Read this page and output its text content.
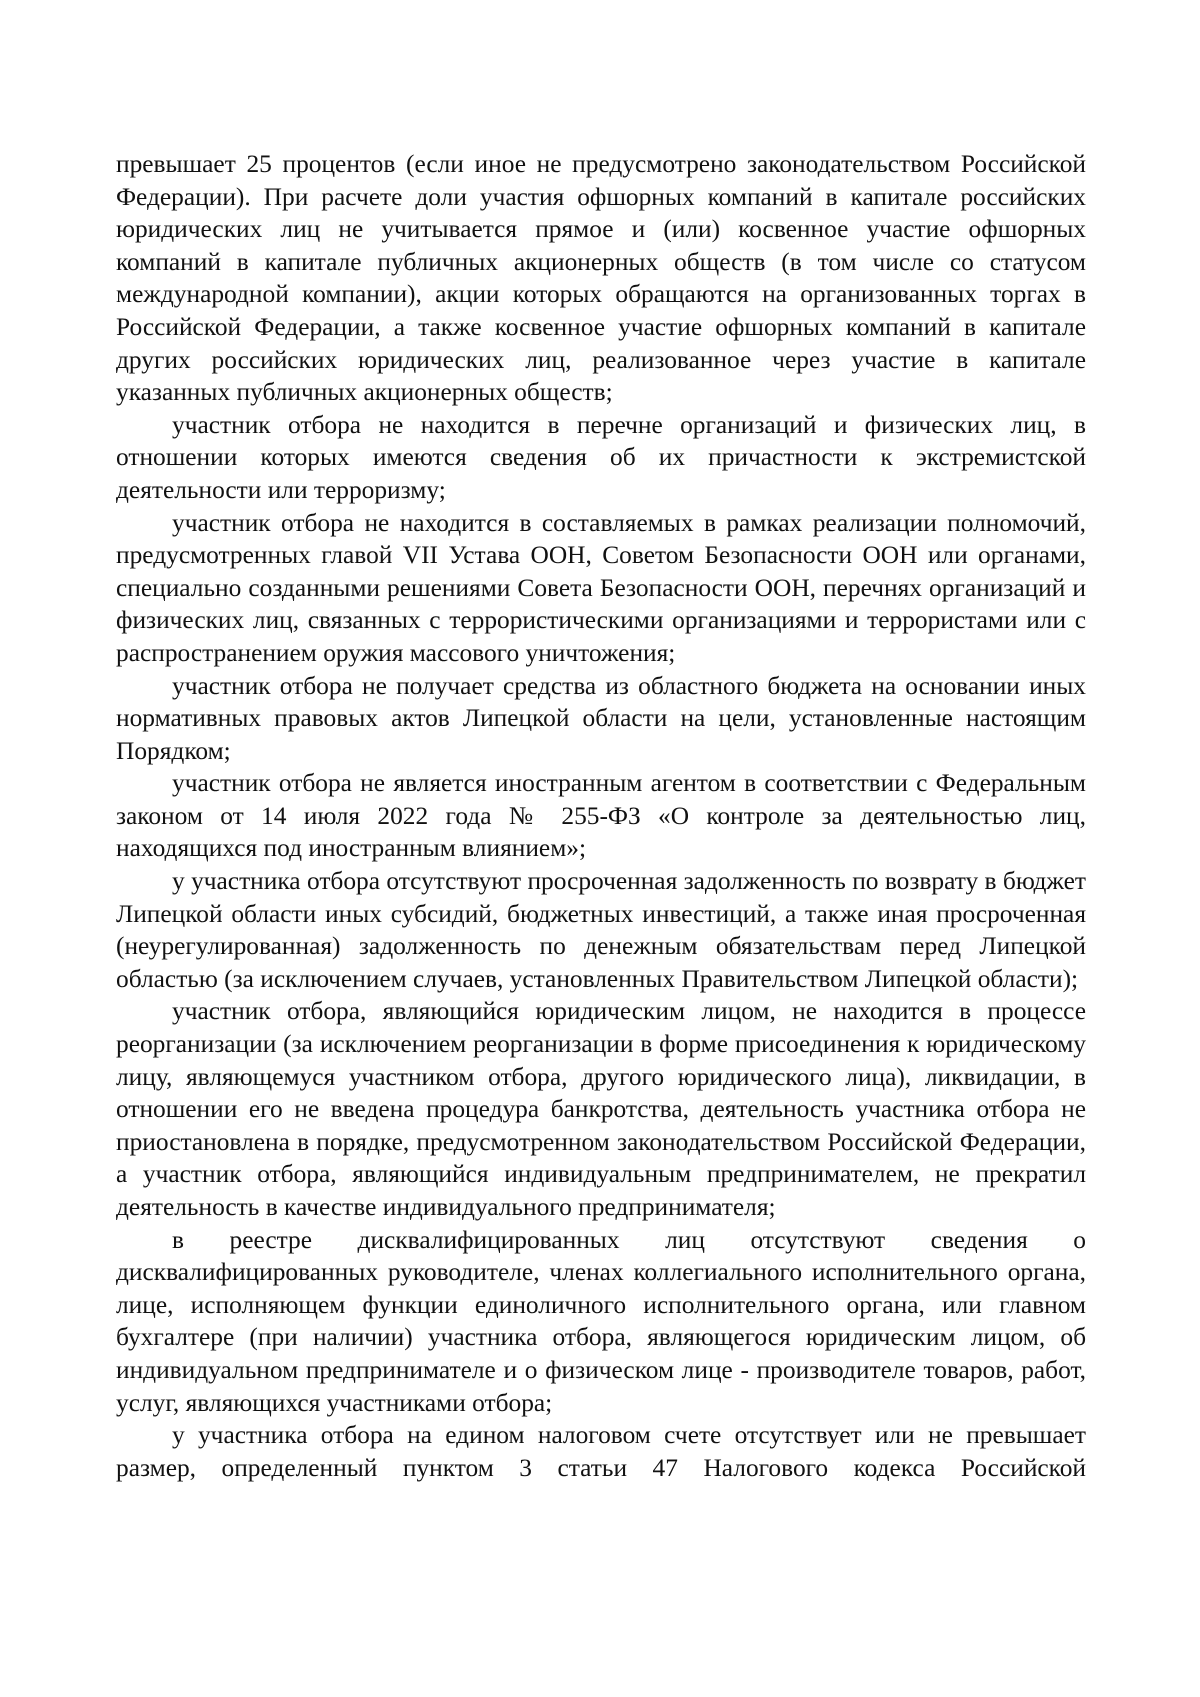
превышает 25 процентов (если иное не предусмотрено законодательством Российской Федерации). При расчете доли участия офшорных компаний в капитале российских юридических лиц не учитывается прямое и (или) косвенное участие офшорных компаний в капитале публичных акционерных обществ (в том числе со статусом международной компании), акции которых обращаются на организованных торгах в Российской Федерации, а также косвенное участие офшорных компаний в капитале других российских юридических лиц, реализованное через участие в капитале указанных публичных акционерных обществ;

участник отбора не находится в перечне организаций и физических лиц, в отношении которых имеются сведения об их причастности к экстремистской деятельности или терроризму;

участник отбора не находится в составляемых в рамках реализации полномочий, предусмотренных главой VII Устава ООН, Советом Безопасности ООН или органами, специально созданными решениями Совета Безопасности ООН, перечнях организаций и физических лиц, связанных с террористическими организациями и террористами или с распространением оружия массового уничтожения;

участник отбора не получает средства из областного бюджета на основании иных нормативных правовых актов Липецкой области на цели, установленные настоящим Порядком;

участник отбора не является иностранным агентом в соответствии с Федеральным законом от 14 июля 2022 года № 255-ФЗ «О контроле за деятельностью лиц, находящихся под иностранным влиянием»;

у участника отбора отсутствуют просроченная задолженность по возврату в бюджет Липецкой области иных субсидий, бюджетных инвестиций, а также иная просроченная (неурегулированная) задолженность по денежным обязательствам перед Липецкой областью (за исключением случаев, установленных Правительством Липецкой области);

участник отбора, являющийся юридическим лицом, не находится в процессе реорганизации (за исключением реорганизации в форме присоединения к юридическому лицу, являющемуся участником отбора, другого юридического лица), ликвидации, в отношении его не введена процедура банкротства, деятельность участника отбора не приостановлена в порядке, предусмотренном законодательством Российской Федерации, а участник отбора, являющийся индивидуальным предпринимателем, не прекратил деятельность в качестве индивидуального предпринимателя;

в реестре дисквалифицированных лиц отсутствуют сведения о дисквалифицированных руководителе, членах коллегиального исполнительного органа, лице, исполняющем функции единоличного исполнительного органа, или главном бухгалтере (при наличии) участника отбора, являющегося юридическим лицом, об индивидуальном предпринимателе и о физическом лице - производителе товаров, работ, услуг, являющихся участниками отбора;

у участника отбора на едином налоговом счете отсутствует или не превышает размер, определенный пунктом 3 статьи 47 Налогового кодекса Российской
